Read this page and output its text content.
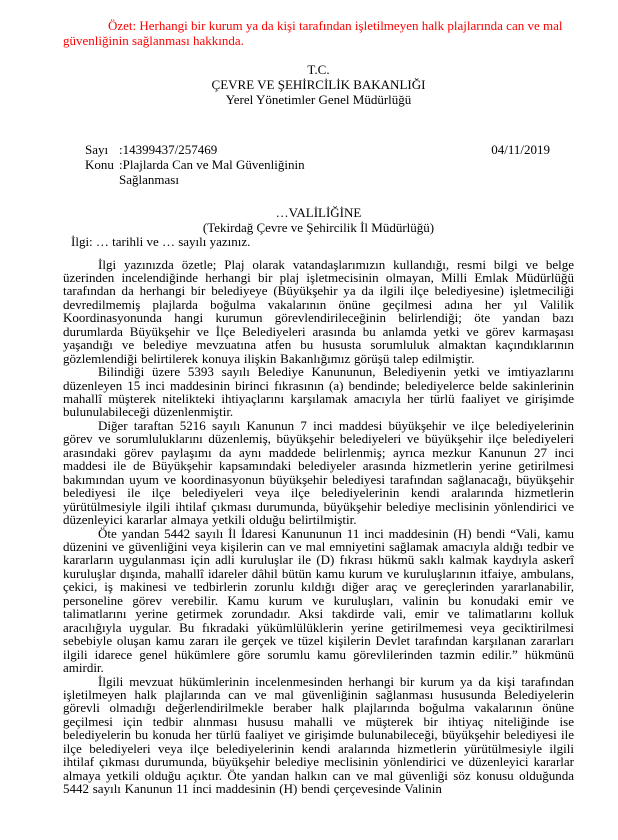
Özet: Herhangi bir kurum ya da kişi tarafından işletilmeyen halk plajlarında can ve mal güvenliğinin sağlanması hakkında.

T.C.
ÇEVRE VE ŞEHİRCİLİK BAKANLIĞI
Yerel Yönetimler Genel Müdürlüğü
Sayı :14399437/257469	04/11/2019
Konu :Plajlarda Can ve Mal Güvenliğinin
Sağlanması
…VALİLİĞİNE
(Tekirdağ Çevre ve Şehircilik İl Müdürlüğü)

İlgi: … tarihli ve … sayılı yazınız.

İlgi yazınızda özetle; Plaj olarak vatandaşlarımızın kullandığı, resmi bilgi ve belge üzerinden incelendiğinde herhangi bir plaj işletmecisinin olmayan, Milli Emlak Müdürlüğü tarafından da herhangi bir belediyeye (Büyükşehir ya da ilgili ilçe belediyesine) işletmeciliği devredilmemiş plajlarda boğulma vakalarının önüne geçilmesi adına her yıl Valilik Koordinasyonunda hangi kurumun görevlendirileceğinin belirlendiği; öte yandan bazı durumlarda Büyükşehir ve İlçe Belediyeleri arasında bu anlamda yetki ve görev karmaşası yaşandığı ve belediye mevzuatına atfen bu hususta sorumluluk almaktan kaçındıklarının gözlemlendiği belirtilerek konuya ilişkin Bakanlığımız görüşü talep edilmiştir.

Bilindiği üzere 5393 sayılı Belediye Kanununun, Belediyenin yetki ve imtiyazlarını düzenleyen 15 inci maddesinin birinci fıkrasının (a) bendinde; belediyelerce belde sakinlerinin mahallî müşterek nitelikteki ihtiyaçlarını karşılamak amacıyla her türlü faaliyet ve girişimde bulunulabileceği düzenlenmiştir.

Diğer taraftan 5216 sayılı Kanunun 7 inci maddesi büyükşehir ve ilçe belediyelerinin görev ve sorumluluklarını düzenlemiş, büyükşehir belediyeleri ve büyükşehir ilçe belediyeleri arasındaki görev paylaşımı da aynı maddede belirlenmiş; ayrıca mezkur Kanunun 27 inci maddesi ile de Büyükşehir kapsamındaki belediyeler arasında hizmetlerin yerine getirilmesi bakımından uyum ve koordinasyonun büyükşehir belediyesi tarafından sağlanacağı, büyükşehir belediyesi ile ilçe belediyeleri veya ilçe belediyelerinin kendi aralarında hizmetlerin yürütülmesiyle ilgili ihtilaf çıkması durumunda, büyükşehir belediye meclisinin yönlendirici ve düzenleyici kararlar almaya yetkili olduğu belirtilmiştir.

Öte yandan 5442 sayılı İl İdaresi Kanununun 11 inci maddesinin (H) bendi “Vali, kamu düzenini ve güvenliğini veya kişilerin can ve mal emniyetini sağlamak amacıyla aldığı tedbir ve kararların uygulanması için adli kuruluşlar ile (D) fıkrası hükmü saklı kalmak kaydıyla askerî kuruluşlar dışında, mahallî idareler dâhil bütün kamu kurum ve kuruluşlarının itfaiye, ambulans, çekici, iş makinesi ve tedbirlerin zorunlu kıldığı diğer araç ve gereçlerinden yararlanabilir, personeline görev verebilir. Kamu kurum ve kuruluşları, valinin bu konudaki emir ve talimatlarını yerine getirmek zorundadır. Aksi takdirde vali, emir ve talimatlarını kolluk aracılığıyla uygular. Bu fıkradaki yükümlülüklerin yerine getirilmemesi veya geciktirilmesi sebebiyle oluşan kamu zararı ile gerçek ve tüzel kişilerin Devlet tarafından karşılanan zararları ilgili idarece genel hükümlere göre sorumlu kamu görevlilerinden tazmin edilir.” hükmünü amirdir.

İlgili mevzuat hükümlerinin incelenmesinden herhangi bir kurum ya da kişi tarafından işletilmeyen halk plajlarında can ve mal güvenliğinin sağlanması hususunda Belediyelerin görevli olmadığı değerlendirilmekle beraber halk plajlarında boğulma vakalarının önüne geçilmesi için tedbir alınması hususu mahalli ve müşterek bir ihtiyaç niteliğinde ise belediyelerin bu konuda her türlü faaliyet ve girişimde bulunabileceği, büyükşehir belediyesi ile ilçe belediyeleri veya ilçe belediyelerinin kendi aralarında hizmetlerin yürütülmesiyle ilgili ihtilaf çıkması durumunda, büyükşehir belediye meclisinin yönlendirici ve düzenleyici kararlar almaya yetkili olduğu açıktır. Öte yandan halkın can ve mal güvenliği söz konusu olduğunda 5442 sayılı Kanunun 11 inci maddesinin (H) bendi çerçevesinde Valinin
